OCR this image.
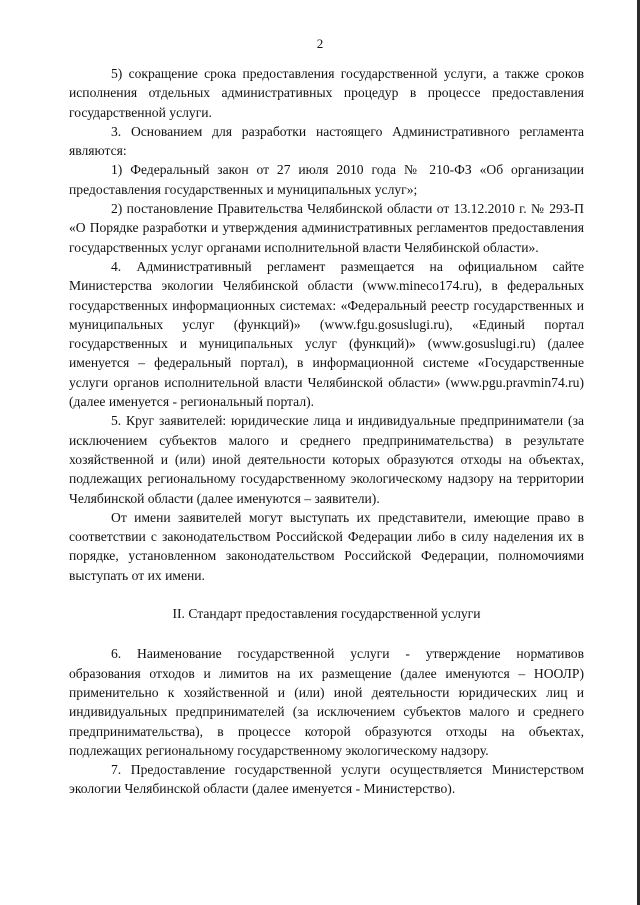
2

5) сокращение срока предоставления государственной услуги, а также сроков исполнения отдельных административных процедур в процессе предоставления государственной услуги.

3. Основанием для разработки настоящего Административного регламента являются:

1) Федеральный закон от 27 июля 2010 года № 210-ФЗ «Об организации предоставления государственных и муниципальных услуг»;

2) постановление Правительства Челябинской области от 13.12.2010 г. № 293-П «О Порядке разработки и утверждения административных регламентов предоставления государственных услуг органами исполнительной власти Челябинской области».

4. Административный регламент размещается на официальном сайте Министерства экологии Челябинской области (www.mineco174.ru), в федеральных государственных информационных системах: «Федеральный реестр государственных и муниципальных услуг (функций)» (www.fgu.gosuslugi.ru), «Единый портал государственных и муниципальных услуг (функций)» (www.gosuslugi.ru) (далее именуется – федеральный портал), в информационной системе «Государственные услуги органов исполнительной власти Челябинской области» (www.pgu.pravmin74.ru) (далее именуется - региональный портал).

5. Круг заявителей: юридические лица и индивидуальные предприниматели (за исключением субъектов малого и среднего предпринимательства) в результате хозяйственной и (или) иной деятельности которых образуются отходы на объектах, подлежащих региональному государственному экологическому надзору на территории Челябинской области (далее именуются – заявители).

От имени заявителей могут выступать их представители, имеющие право в соответствии с законодательством Российской Федерации либо в силу наделения их в порядке, установленном законодательством Российской Федерации, полномочиями выступать от их имени.

II. Стандарт предоставления государственной услуги

6. Наименование государственной услуги - утверждение нормативов образования отходов и лимитов на их размещение (далее именуются – НООЛР) применительно к хозяйственной и (или) иной деятельности юридических лиц и индивидуальных предпринимателей (за исключением субъектов малого и среднего предпринимательства), в процессе которой образуются отходы на объектах, подлежащих региональному государственному экологическому надзору.

7. Предоставление государственной услуги осуществляется Министерством экологии Челябинской области (далее именуется - Министерство).
